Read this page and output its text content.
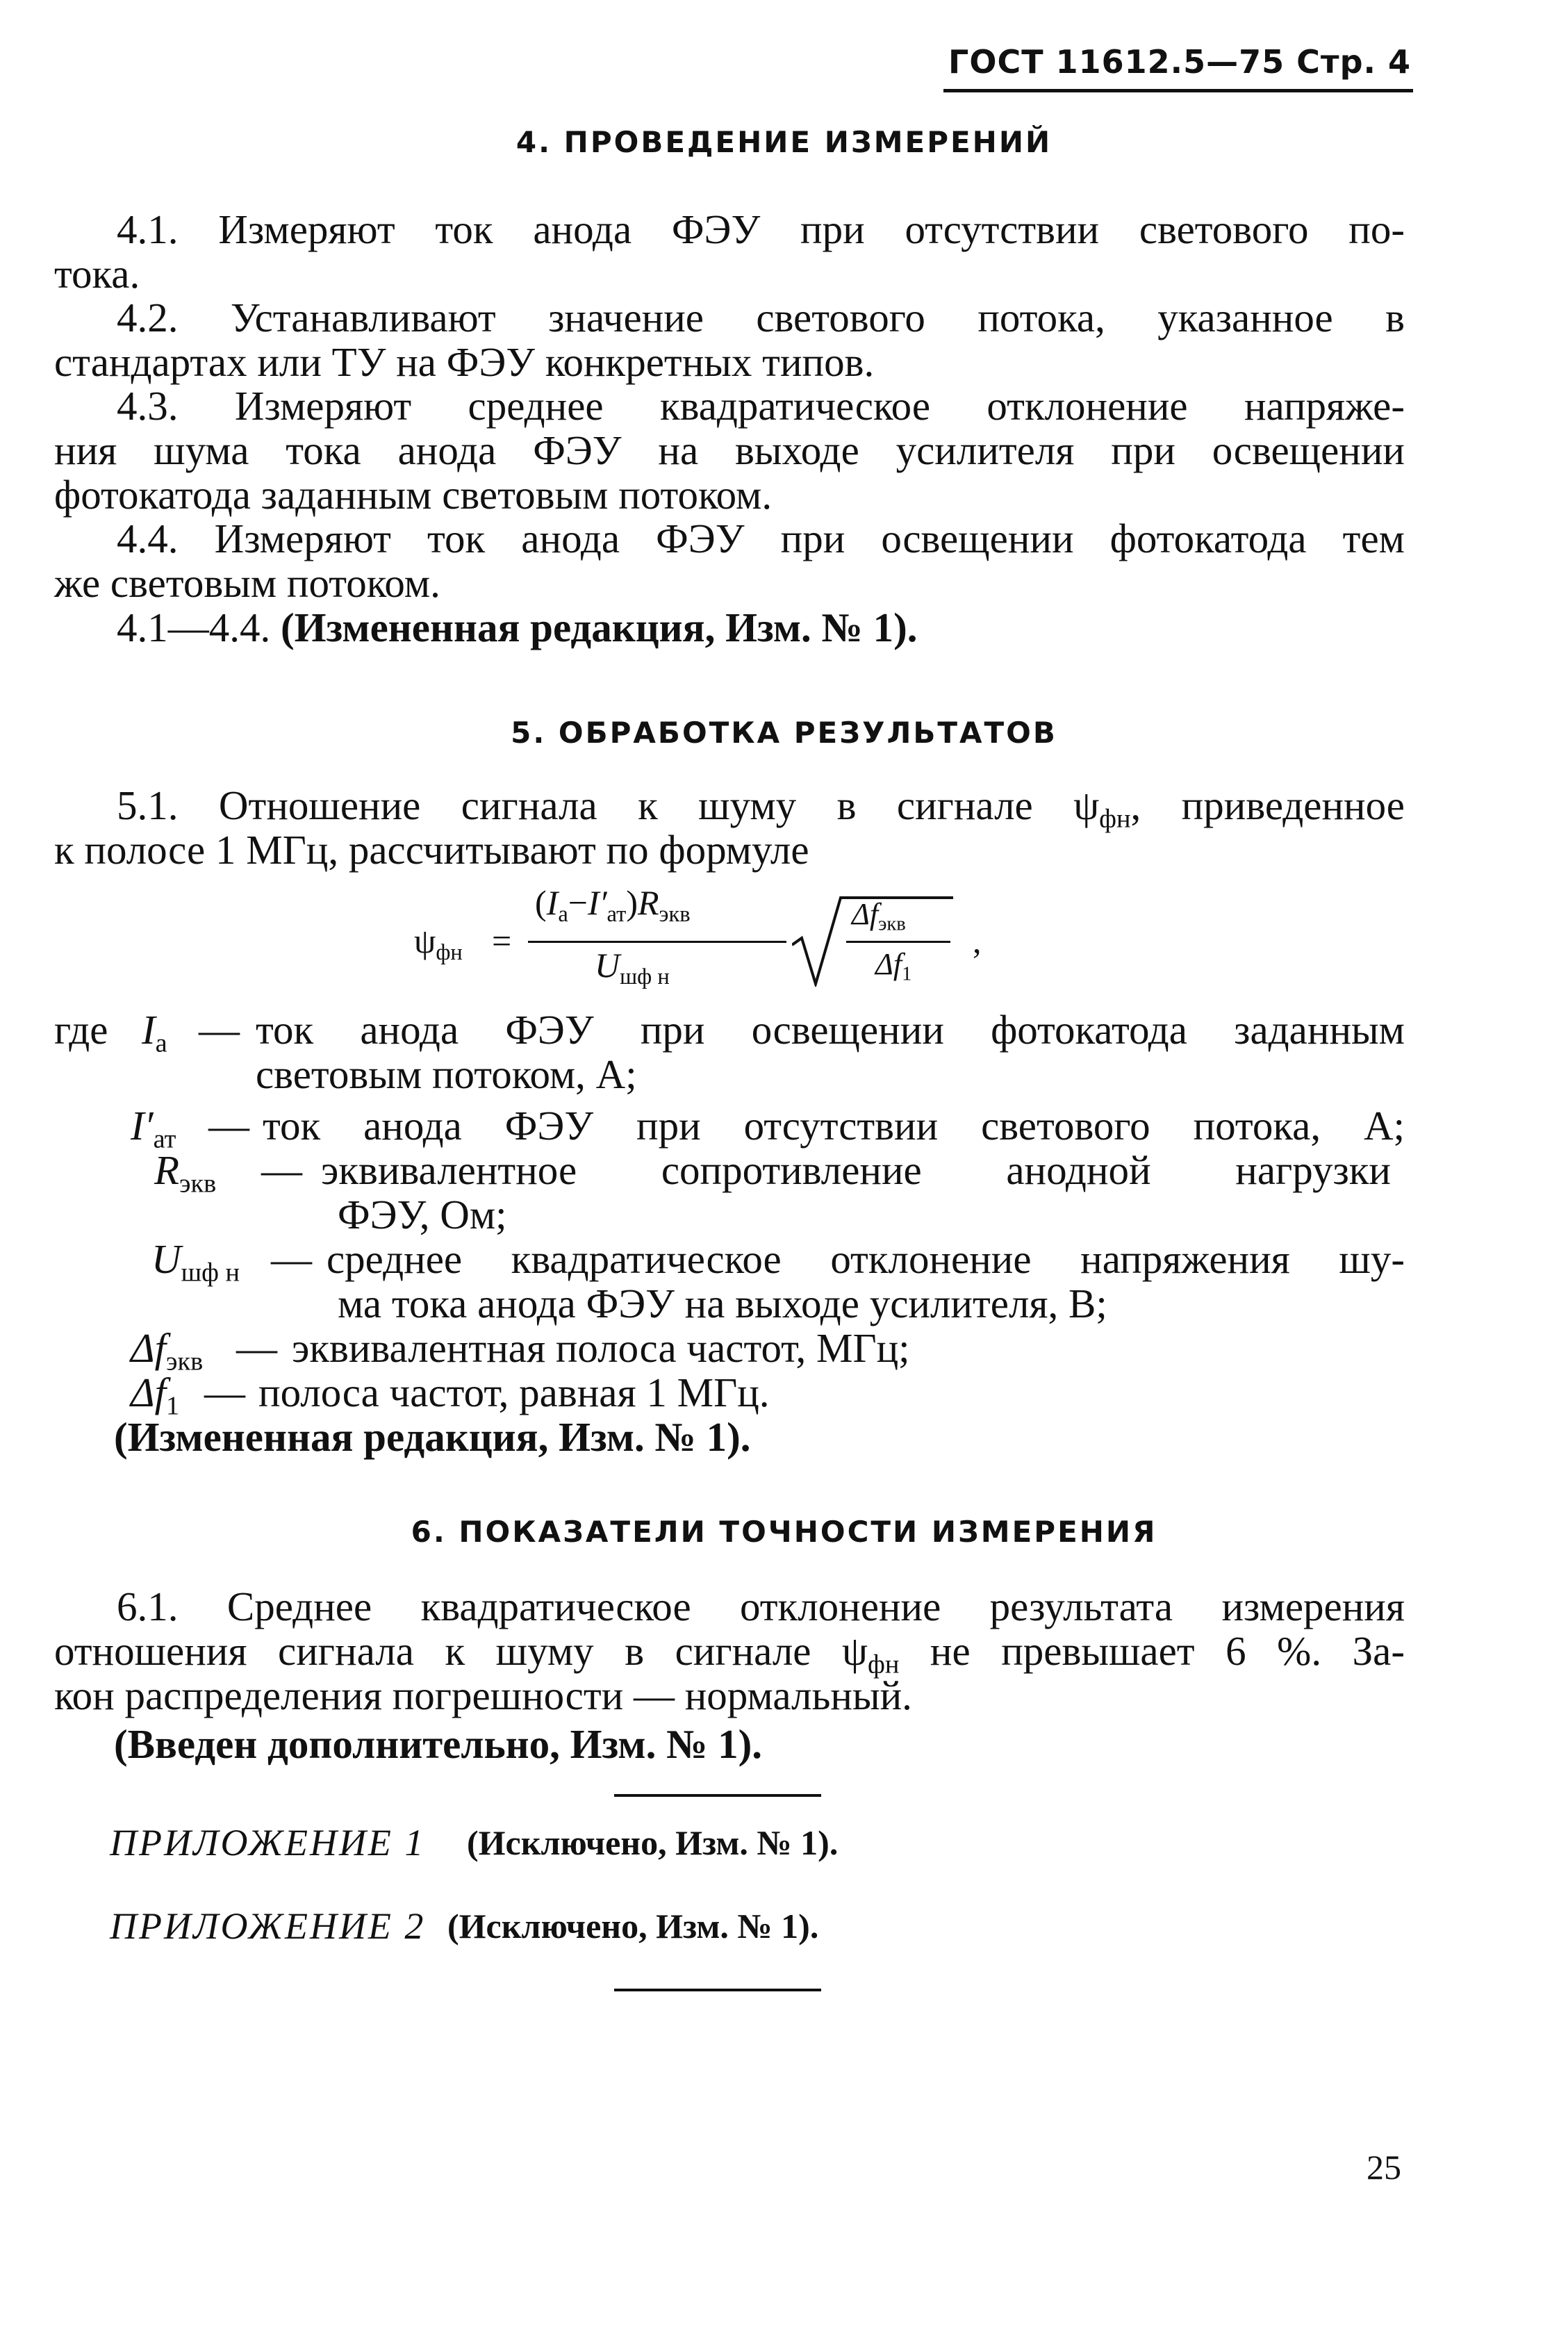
ГОСТ 11612.5—75 Стр. 4
4. ПРОВЕДЕНИЕ ИЗМЕРЕНИЙ
4.1. Измеряют ток анода ФЭУ при отсутствии светового по-
тока.
4.2. Устанавливают значение светового потока, указанное в
стандартах или ТУ на ФЭУ конкретных типов.
4.3. Измеряют среднее квадратическое отклонение напряже-
ния шума тока анода ФЭУ на выходе усилителя при освещении
фотокатода заданным световым потоком.
4.4. Измеряют ток анода ФЭУ при освещении фотокатода тем
же световым потоком.
4.1—4.4. (Измененная редакция, Изм. № 1).
5. ОБРАБОТКА РЕЗУЛЬТАТОВ
5.1. Отношение сигнала к шуму в сигнале $\psi_{фн}$, приведенное
к полосе 1 МГц, рассчитывают по формуле
$\psi_{фн}$ =
$(I_а-I'_{ат})R_{экв}$
$U_{шф н}$
$\Delta f_{экв}$
$\Delta f_1$
,
где $I_а$ — ток анода ФЭУ при освещении фотокатода заданным
световым потоком, А;
$I'_{ат}$ — ток анода ФЭУ при отсутствии светового потока, А;
$R_{экв}$ — эквивалентное сопротивление анодной нагрузки
ФЭУ, Ом;
$U_{шф н}$ — среднее квадратическое отклонение напряжения шу-
ма тока анода ФЭУ на выходе усилителя, В;
$\Delta f_{экв}$ — эквивалентная полоса частот, МГц;
$\Delta f_1$ — полоса частот, равная 1 МГц.
(Измененная редакция, Изм. № 1).
6. ПОКАЗАТЕЛИ ТОЧНОСТИ ИЗМЕРЕНИЯ
6.1. Среднее квадратическое отклонение результата измерения
отношения сигнала к шуму в сигнале $\psi_{фн}$ не превышает 6 %. За-
кон распределения погрешности — нормальный.
(Введен дополнительно, Изм. № 1).
ПРИЛОЖЕНИЕ 1 (Исключено, Изм. № 1).
ПРИЛОЖЕНИЕ 2 (Исключено, Изм. № 1).
25
